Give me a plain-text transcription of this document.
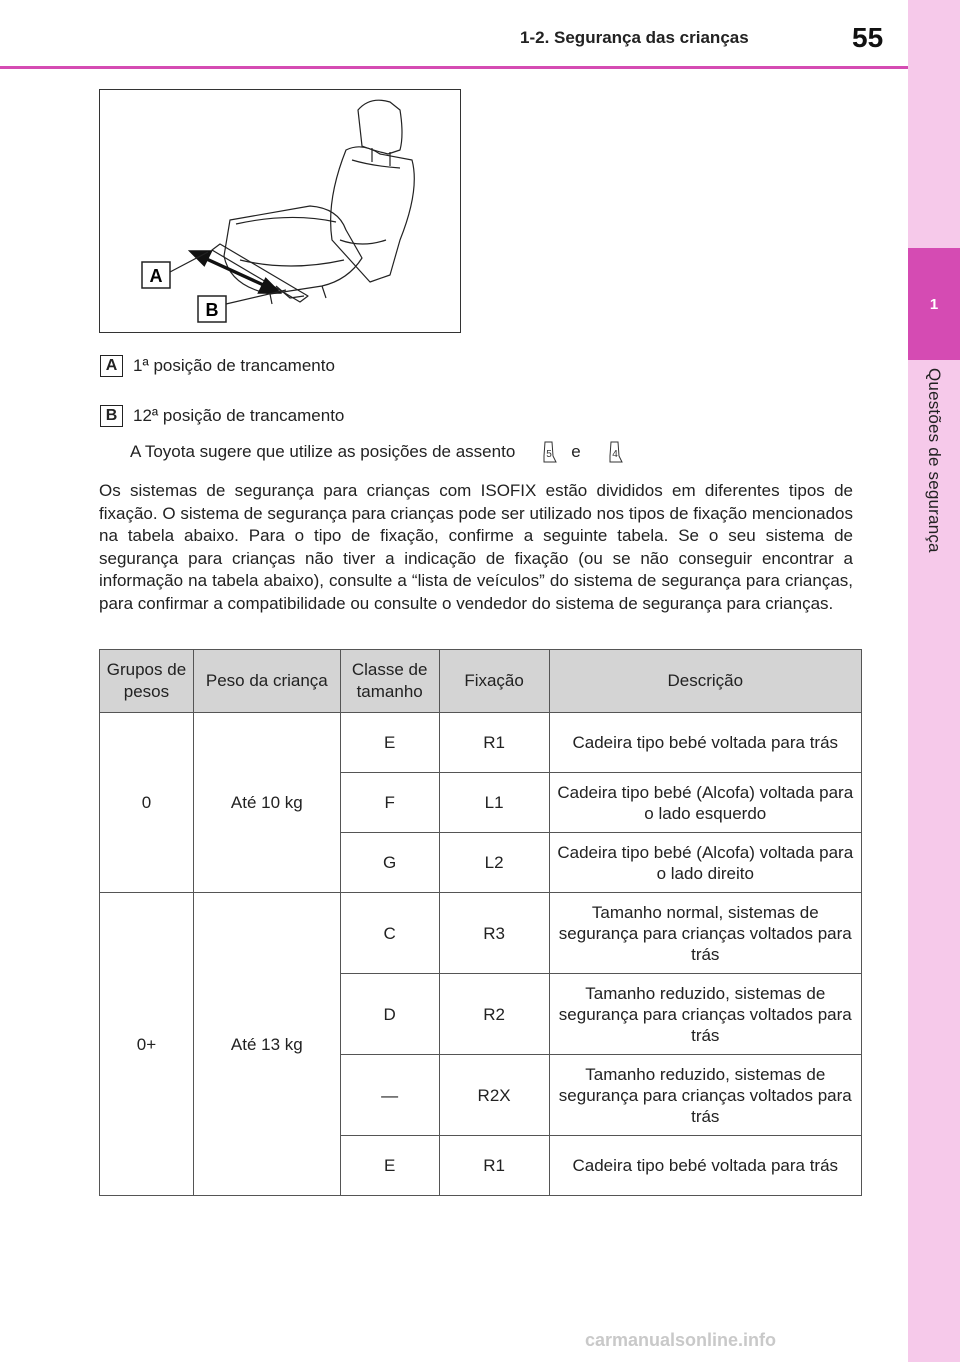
1
Questões de segurança
1-2. Segurança das crianças	55
A
B
A 1ª posição de trancamento
B 12ª posição de trancamento
A Toyota sugere que utilize as posições de assento	5 e	4
Os sistemas de segurança para crianças com ISOFIX estão divididos em diferentes tipos de fixação. O sistema de segurança para crianças pode ser utilizado nos tipos de fixação mencionados na tabela abaixo. Para o tipo de fixação, confirme a seguinte tabela. Se o seu sistema de segurança para crianças não tiver a indicação de fixação (ou se não conseguir encontrar a informação na tabela abaixo), consulte a “lista de veículos” do sistema de segurança para crianças, para confirmar a compatibilidade ou consulte o vendedor do sistema de segurança para crianças.
Grupos de pesos	Peso da criança	Classe de tamanho	Fixação	Descrição
0	Até 10 kg	E	R1	Cadeira tipo bebé voltada para trás
		F	L1	Cadeira tipo bebé (Alcofa) voltada para o lado esquerdo
		G	L2	Cadeira tipo bebé (Alcofa) voltada para o lado direito
0+	Até 13 kg	C	R3	Tamanho normal, sistemas de segurança para crianças voltados para trás
		D	R2	Tamanho reduzido, sistemas de segurança para crianças voltados para trás
		—	R2X	Tamanho reduzido, sistemas de segurança para crianças voltados para trás
		E	R1	Cadeira tipo bebé voltada para trás
carmanualsonline.info
